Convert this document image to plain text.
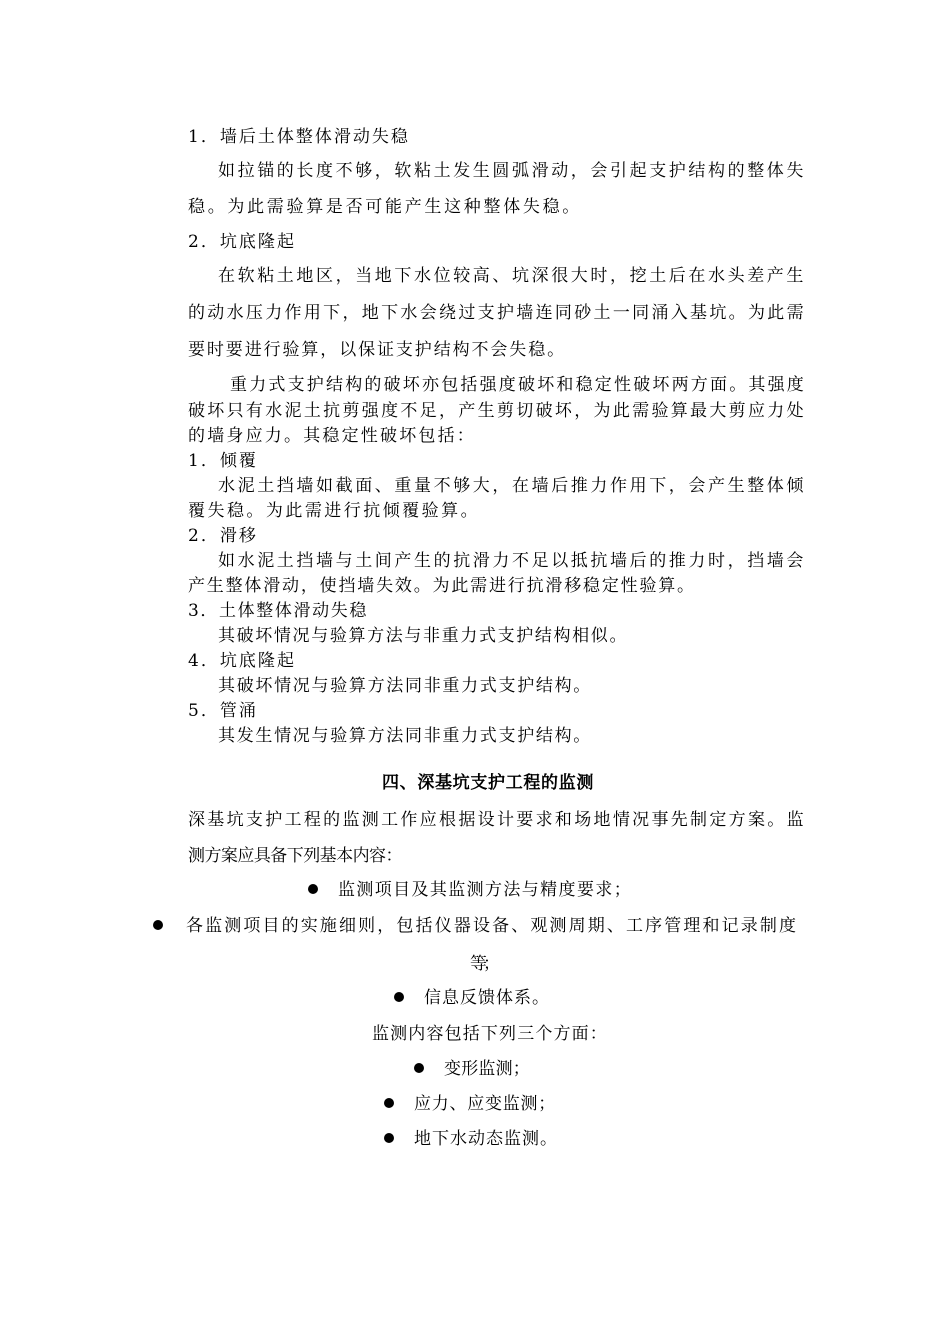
1．墙后土体整体滑动失稳
如拉锚的长度不够，软粘土发生圆弧滑动，会引起支护结构的整体失
稳。为此需验算是否可能产生这种整体失稳。
2．坑底隆起
在软粘土地区，当地下水位较高、坑深很大时，挖土后在水头差产生
的动水压力作用下，地下水会绕过支护墙连同砂土一同涌入基坑。为此需
要时要进行验算，以保证支护结构不会失稳。
重力式支护结构的破坏亦包括强度破坏和稳定性破坏两方面。其强度
破坏只有水泥土抗剪强度不足，产生剪切破坏，为此需验算最大剪应力处
的墙身应力。其稳定性破坏包括：
1．倾覆
水泥土挡墙如截面、重量不够大，在墙后推力作用下，会产生整体倾
覆失稳。为此需进行抗倾覆验算。
2．滑移
如水泥土挡墙与土间产生的抗滑力不足以抵抗墙后的推力时，挡墙会
产生整体滑动，使挡墙失效。为此需进行抗滑移稳定性验算。
3．土体整体滑动失稳
其破坏情况与验算方法与非重力式支护结构相似。
4．坑底隆起
其破坏情况与验算方法同非重力式支护结构。
5．管涌
其发生情况与验算方法同非重力式支护结构。
四、深基坑支护工程的监测
深基坑支护工程的监测工作应根据设计要求和场地情况事先制定方案。监
测方案应具备下列基本内容：
监测项目及其监测方法与精度要求；
各监测项目的实施细则，包括仪器设备、观测周期、工序管理和记录制度
等；
信息反馈体系。
监测内容包括下列三个方面：
变形监测；
应力、应变监测；
地下水动态监测。
